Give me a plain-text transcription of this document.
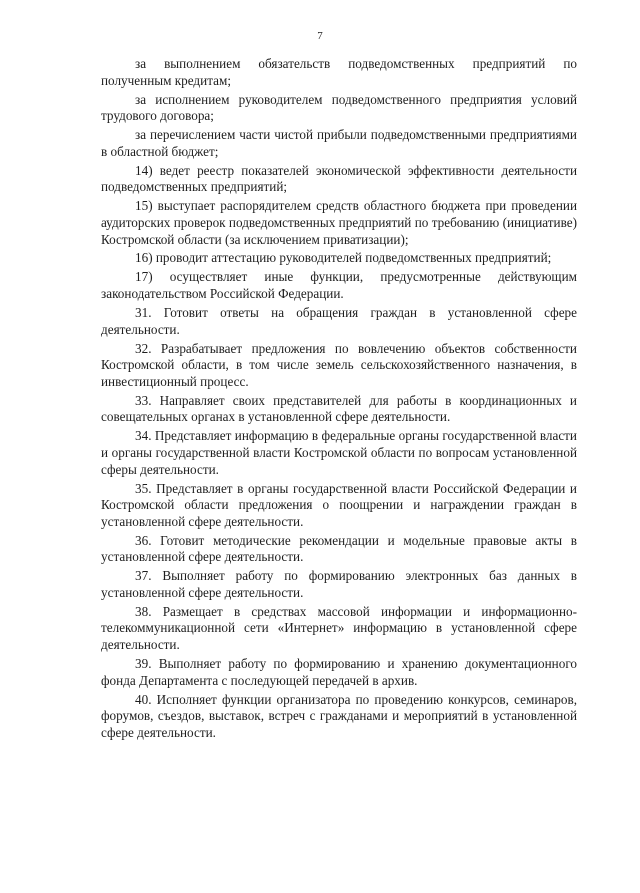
7

за выполнением обязательств подведомственных предприятий по полученным кредитам;

за исполнением руководителем подведомственного предприятия условий трудового договора;

за перечислением части чистой прибыли подведомственными предприятиями в областной бюджет;

14) ведет реестр показателей экономической эффективности деятельности подведомственных предприятий;

15) выступает распорядителем средств областного бюджета при проведении аудиторских проверок подведомственных предприятий по требованию (инициативе) Костромской области (за исключением приватизации);

16) проводит аттестацию руководителей подведомственных предприятий;

17) осуществляет иные функции, предусмотренные действующим законодательством Российской Федерации.

31. Готовит ответы на обращения граждан в установленной сфере деятельности.

32. Разрабатывает предложения по вовлечению объектов собственности Костромской области, в том числе земель сельскохозяйственного назначения, в инвестиционный процесс.

33. Направляет своих представителей для работы в координационных и совещательных органах в установленной сфере деятельности.

34. Представляет информацию в федеральные органы государственной власти и органы государственной власти Костромской области по вопросам установленной сферы деятельности.

35. Представляет в органы государственной власти Российской Федерации и Костромской области предложения о поощрении и награждении граждан в установленной сфере деятельности.

36. Готовит методические рекомендации и модельные правовые акты в установленной сфере деятельности.

37. Выполняет работу по формированию электронных баз данных в установленной сфере деятельности.

38. Размещает в средствах массовой информации и информационно-телекоммуникационной сети «Интернет» информацию в установленной сфере деятельности.

39. Выполняет работу по формированию и хранению документационного фонда Департамента с последующей передачей в архив.

40. Исполняет функции организатора по проведению конкурсов, семинаров, форумов, съездов, выставок, встреч с гражданами и мероприятий в установленной сфере деятельности.
